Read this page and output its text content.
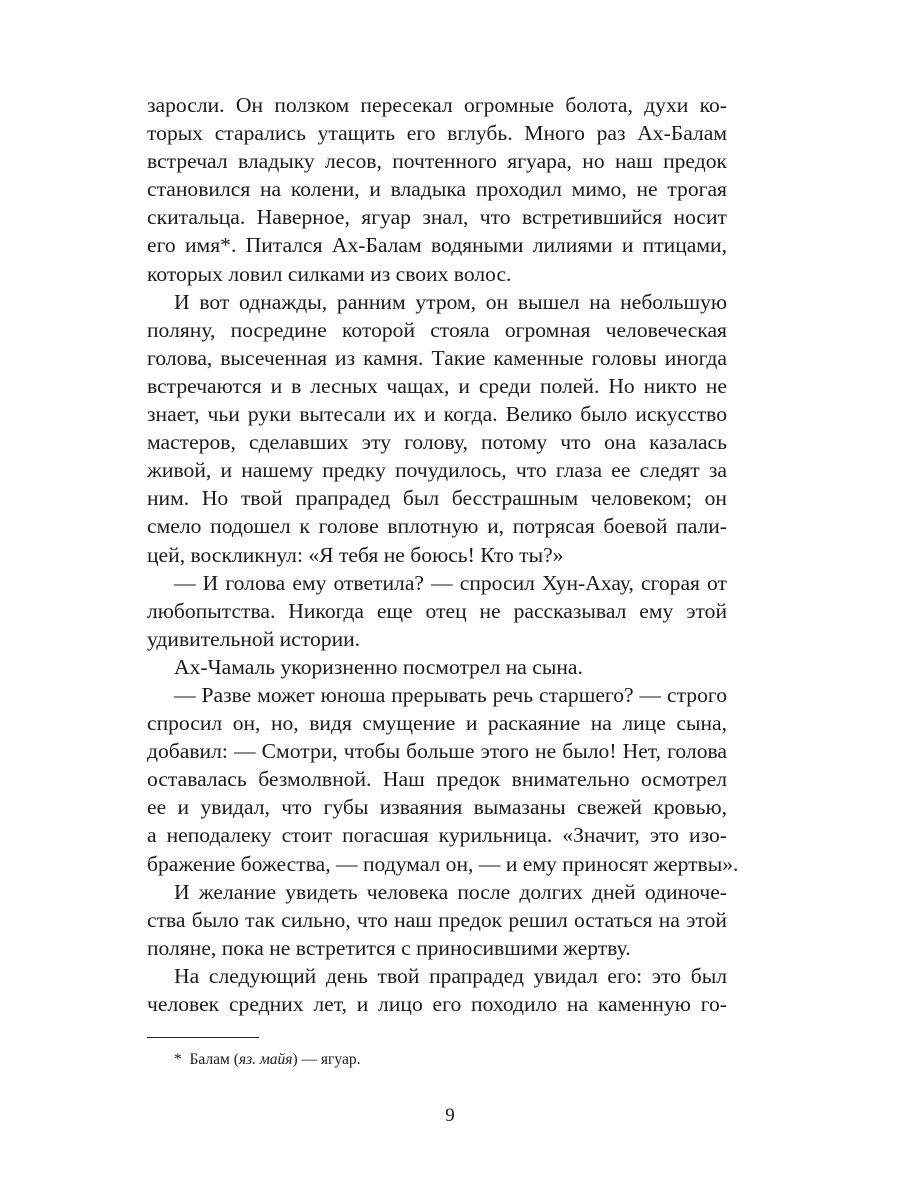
заросли. Он ползком пересекал огромные болота, духи ко-
торых старались утащить его вглубь. Много раз Ах-Балам
встречал владыку лесов, почтенного ягуара, но наш предок
становился на колени, и владыка проходил мимо, не трогая
скитальца. Наверное, ягуар знал, что встретившийся носит
его имя*. Питался Ах-Балам водяными лилиями и птицами,
которых ловил силками из своих волос.
И вот однажды, ранним утром, он вышел на небольшую
поляну, посредине которой стояла огромная человеческая
голова, высеченная из камня. Такие каменные головы иногда
встречаются и в лесных чащах, и среди полей. Но никто не
знает, чьи руки вытесали их и когда. Велико было искусство
мастеров, сделавших эту голову, потому что она казалась
живой, и нашему предку почудилось, что глаза ее следят за
ним. Но твой прапрадед был бесстрашным человеком; он
смело подошел к голове вплотную и, потрясая боевой пали-
цей, воскликнул: «Я тебя не боюсь! Кто ты?»
— И голова ему ответила? — спросил Хун-Ахау, сгорая от
любопытства. Никогда еще отец не рассказывал ему этой
удивительной истории.
Ах-Чамаль укоризненно посмотрел на сына.
— Разве может юноша прерывать речь старшего? — строго
спросил он, но, видя смущение и раскаяние на лице сына,
добавил: — Смотри, чтобы больше этого не было! Нет, голова
оставалась безмолвной. Наш предок внимательно осмотрел
ее и увидал, что губы изваяния вымазаны свежей кровью,
а неподалеку стоит погасшая курильница. «Значит, это изо-
бражение божества, — подумал он, — и ему приносят жертвы».
И желание увидеть человека после долгих дней одиноче-
ства было так сильно, что наш предок решил остаться на этой
поляне, пока не встретится с приносившими жертву.
На следующий день твой прапрадед увидал его: это был
человек средних лет, и лицо его походило на каменную го-
* Балам (яз. майя) — ягуар.
9
